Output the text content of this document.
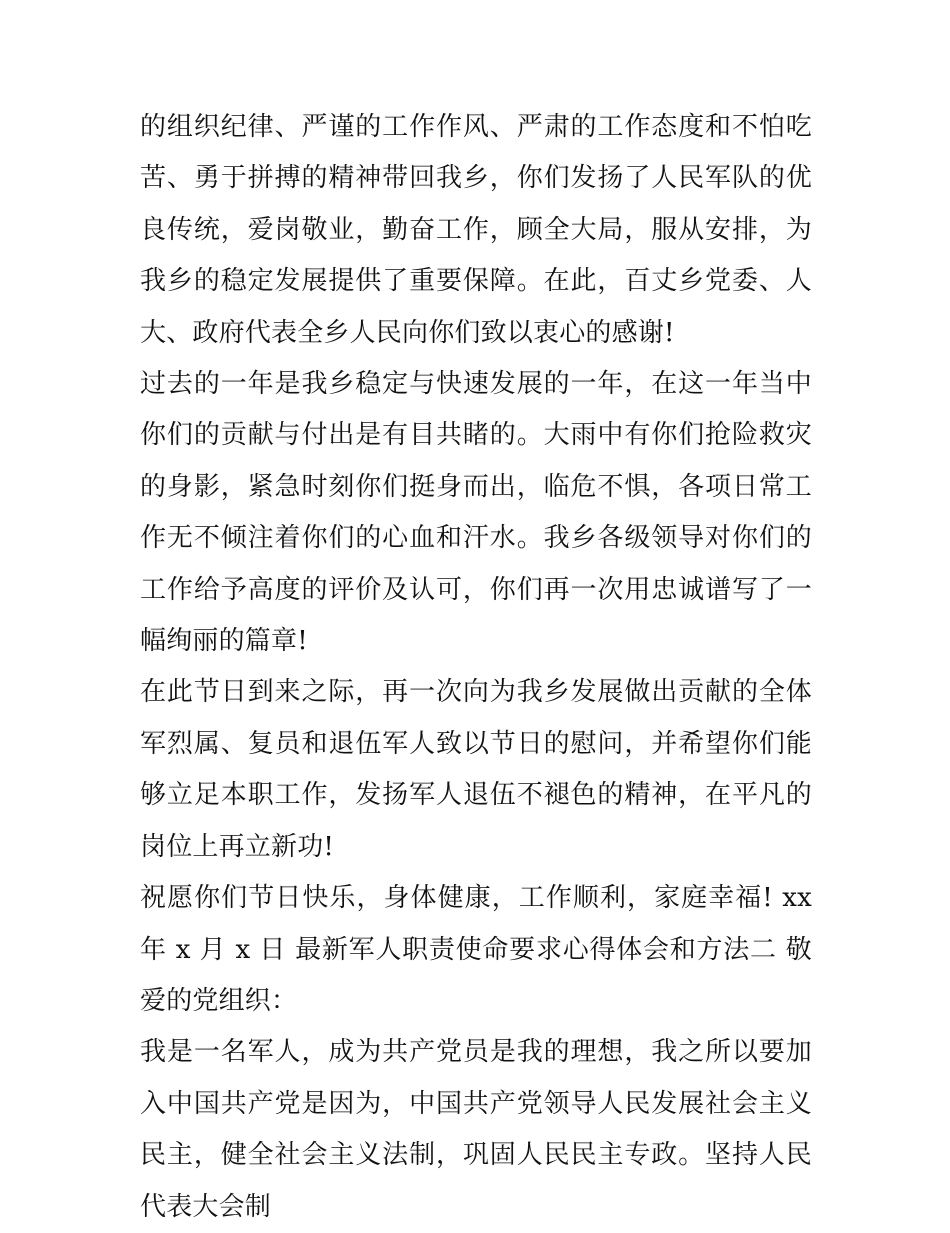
的组织纪律、严谨的工作作风、严肃的工作态度和不怕吃苦、勇于拼搏的精神带回我乡，你们发扬了人民军队的优良传统，爱岗敬业，勤奋工作，顾全大局，服从安排，为我乡的稳定发展提供了重要保障。在此，百丈乡党委、人大、政府代表全乡人民向你们致以衷心的感谢!

过去的一年是我乡稳定与快速发展的一年，在这一年当中你们的贡献与付出是有目共睹的。大雨中有你们抢险救灾的身影，紧急时刻你们挺身而出，临危不惧，各项日常工作无不倾注着你们的心血和汗水。我乡各级领导对你们的工作给予高度的评价及认可，你们再一次用忠诚谱写了一幅绚丽的篇章!

在此节日到来之际，再一次向为我乡发展做出贡献的全体军烈属、复员和退伍军人致以节日的慰问，并希望你们能够立足本职工作，发扬军人退伍不褪色的精神，在平凡的岗位上再立新功!

祝愿你们节日快乐，身体健康，工作顺利，家庭幸福! xx 年 x 月 x 日 最新军人职责使命要求心得体会和方法二 敬爱的党组织：

我是一名军人，成为共产党员是我的理想，我之所以要加入中国共产党是因为，中国共产党领导人民发展社会主义民主，健全社会主义法制，巩固人民民主专政。坚持人民代表大会制
